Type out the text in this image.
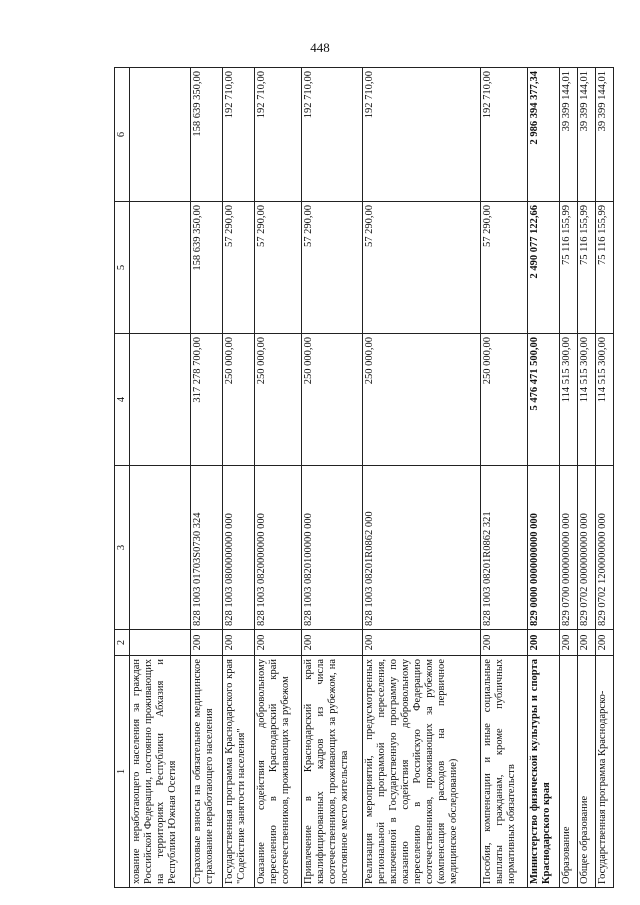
448
1	2	3	4	5	6
хование неработающего населения за граждан Российской Федерации, постоянно проживающих на территориях Республики Абхазия и Республики Южная Осетия					
Страховые взносы на обязательное медицинское страхование неработающего населения	200	828 1003 01703S0730 324	317 278 700,00	158 639 350,00	158 639 350,00
Государственная программа Краснодарского края "Содействие занятости населения"	200	828 1003 0800000000 000	250 000,00	57 290,00	192 710,00
Оказание содействия добровольному переселению в Краснодарский край соотечественников, проживающих за рубежом	200	828 1003 0820000000 000	250 000,00	57 290,00	192 710,00
Привлечение в Краснодарский край квалифицированных кадров из числа соотечественников, проживающих за рубежом, на постоянное место жительства	200	828 1003 0820100000 000	250 000,00	57 290,00	192 710,00
Реализация мероприятий, предусмотренных региональной программой переселения, включенной в Государственную программу по оказанию содействия добровольному переселению в Российскую Федерацию соотечественников, проживающих за рубежом (компенсация расходов на первичное медицинское обследование)	200	828 1003 08201R0862 000	250 000,00	57 290,00	192 710,00
Пособия, компенсации и иные социальные выплаты гражданам, кроме публичных нормативных обязательств	200	828 1003 08201R0862 321	250 000,00	57 290,00	192 710,00
Министерство физической культуры и спорта Краснодарского края	200	829 0000 0000000000 000	5 476 471 500,00	2 490 077 122,66	2 986 394 377,34
Образование	200	829 0700 0000000000 000	114 515 300,00	75 116 155,99	39 399 144,01
Общее образование	200	829 0702 0000000000 000	114 515 300,00	75 116 155,99	39 399 144,01
Государственная программа Краснодарско-	200	829 0702 1200000000 000	114 515 300,00	75 116 155,99	39 399 144,01
